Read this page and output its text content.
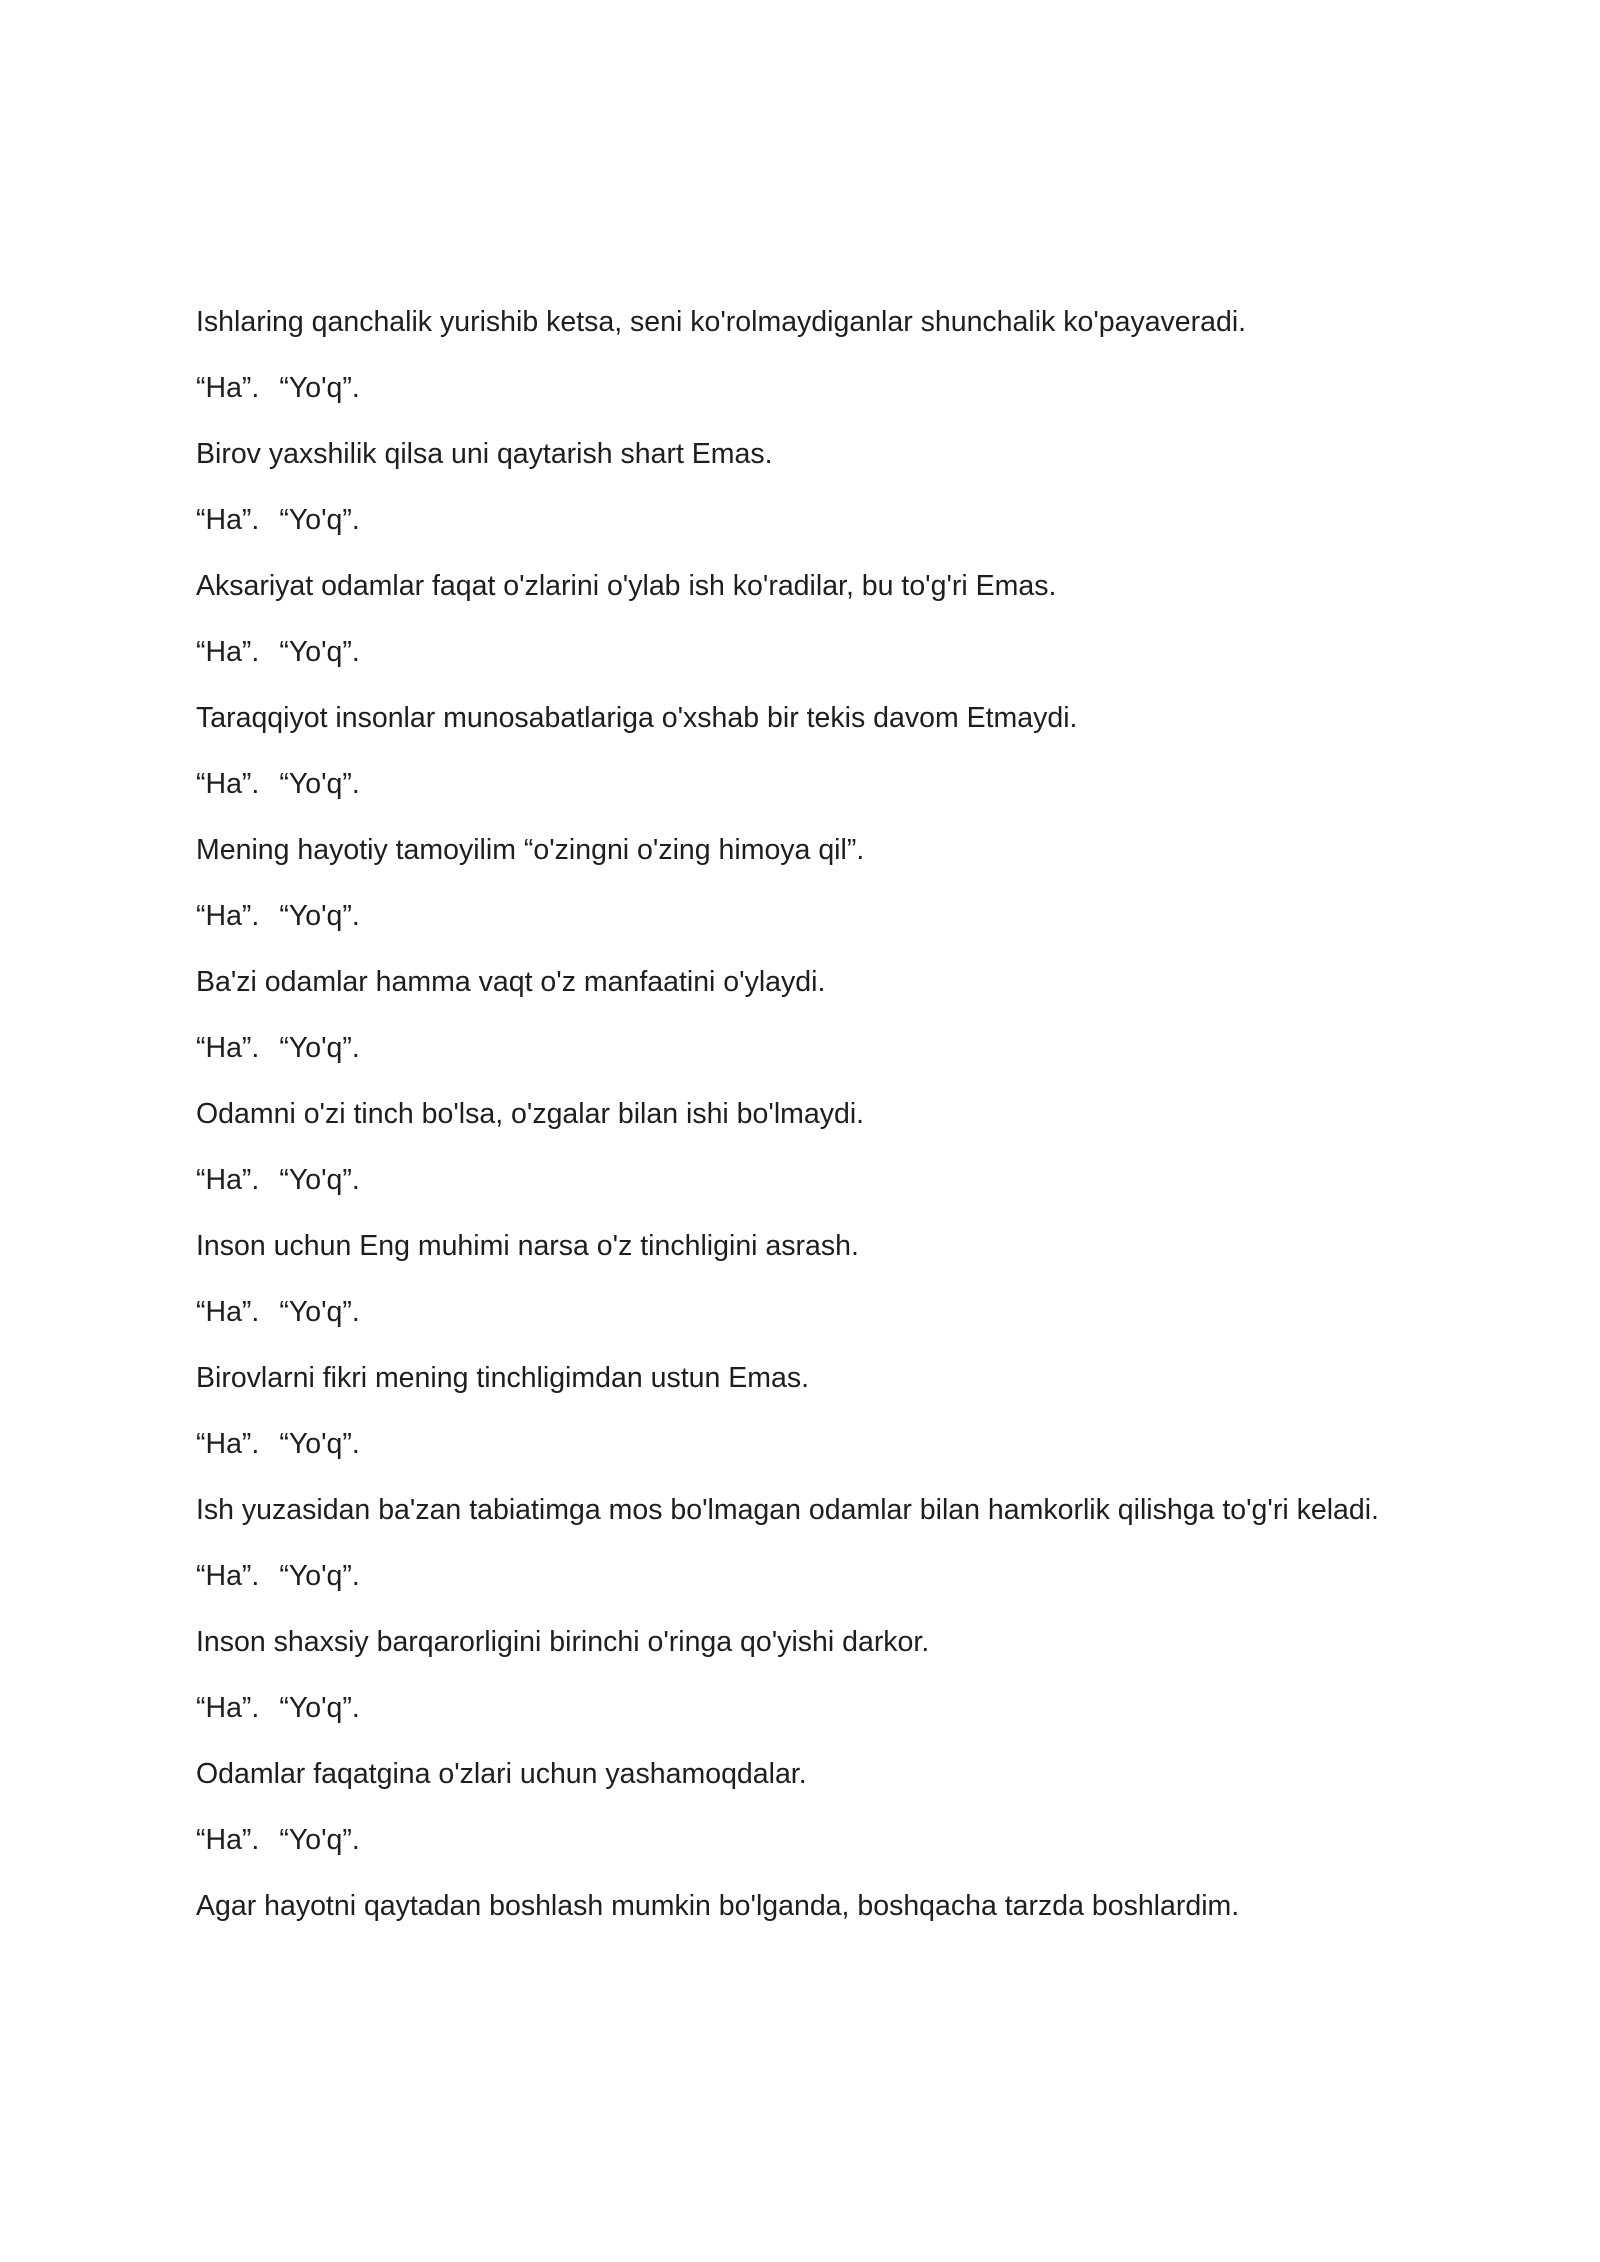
Ishlaring qanchalik yurishib ketsa, seni ko'rolmaydiganlar shunchalik ko'payaveradi.
“Ha”. “Yo'q”.
Birov yaxshilik qilsa uni qaytarish shart Emas.
“Ha”. “Yo'q”.
Aksariyat odamlar faqat o'zlarini o'ylab ish ko'radilar, bu to'g'ri Emas.
“Ha”. “Yo'q”.
Taraqqiyot insonlar munosabatlariga o'xshab bir tekis davom Etmaydi.
“Ha”. “Yo'q”.
Mening hayotiy tamoyilim “o'zingni o'zing himoya qil”.
“Ha”. “Yo'q”.
Ba'zi odamlar hamma vaqt o'z manfaatini o'ylaydi.
“Ha”. “Yo'q”.
Odamni o'zi tinch bo'lsa, o'zgalar bilan ishi bo'lmaydi.
“Ha”. “Yo'q”.
Inson uchun Eng muhimi narsa o'z tinchligini asrash.
“Ha”. “Yo'q”.
Birovlarni fikri mening tinchligimdan ustun Emas.
“Ha”. “Yo'q”.
Ish yuzasidan ba'zan tabiatimga mos bo'lmagan odamlar bilan hamkorlik qilishga to'g'ri keladi.
“Ha”. “Yo'q”.
Inson shaxsiy barqarorligini birinchi o'ringa qo'yishi darkor.
“Ha”. “Yo'q”.
Odamlar faqatgina o'zlari uchun yashamoqdalar.
“Ha”. “Yo'q”.
Agar hayotni qaytadan boshlash mumkin bo'lganda, boshqacha tarzda boshlardim.
